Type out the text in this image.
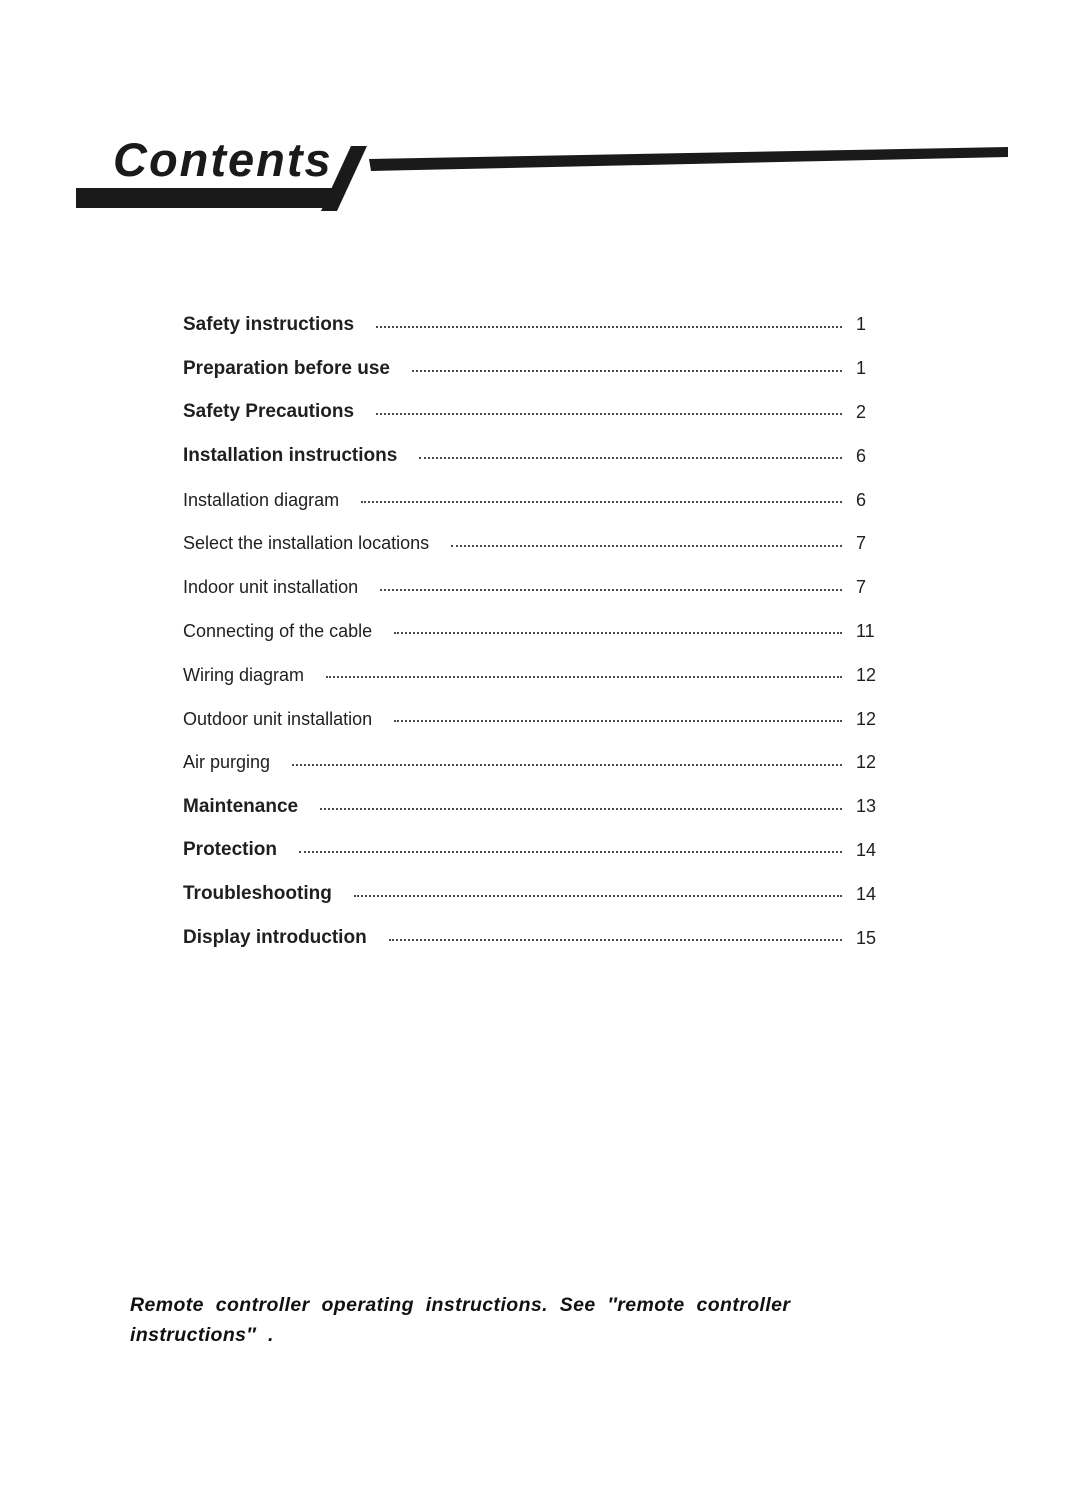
Contents
Safety instructions	1
Preparation before use	1
Safety Precautions	2
Installation instructions	6
Installation diagram	6
Select the installation locations	7
Indoor unit installation	7
Connecting of the cable	11
Wiring diagram	12
Outdoor unit installation	12
Air purging	12
Maintenance	13
Protection	14
Troubleshooting	14
Display introduction	15
Remote controller operating instructions. See ″remote controller
instructions″ .
